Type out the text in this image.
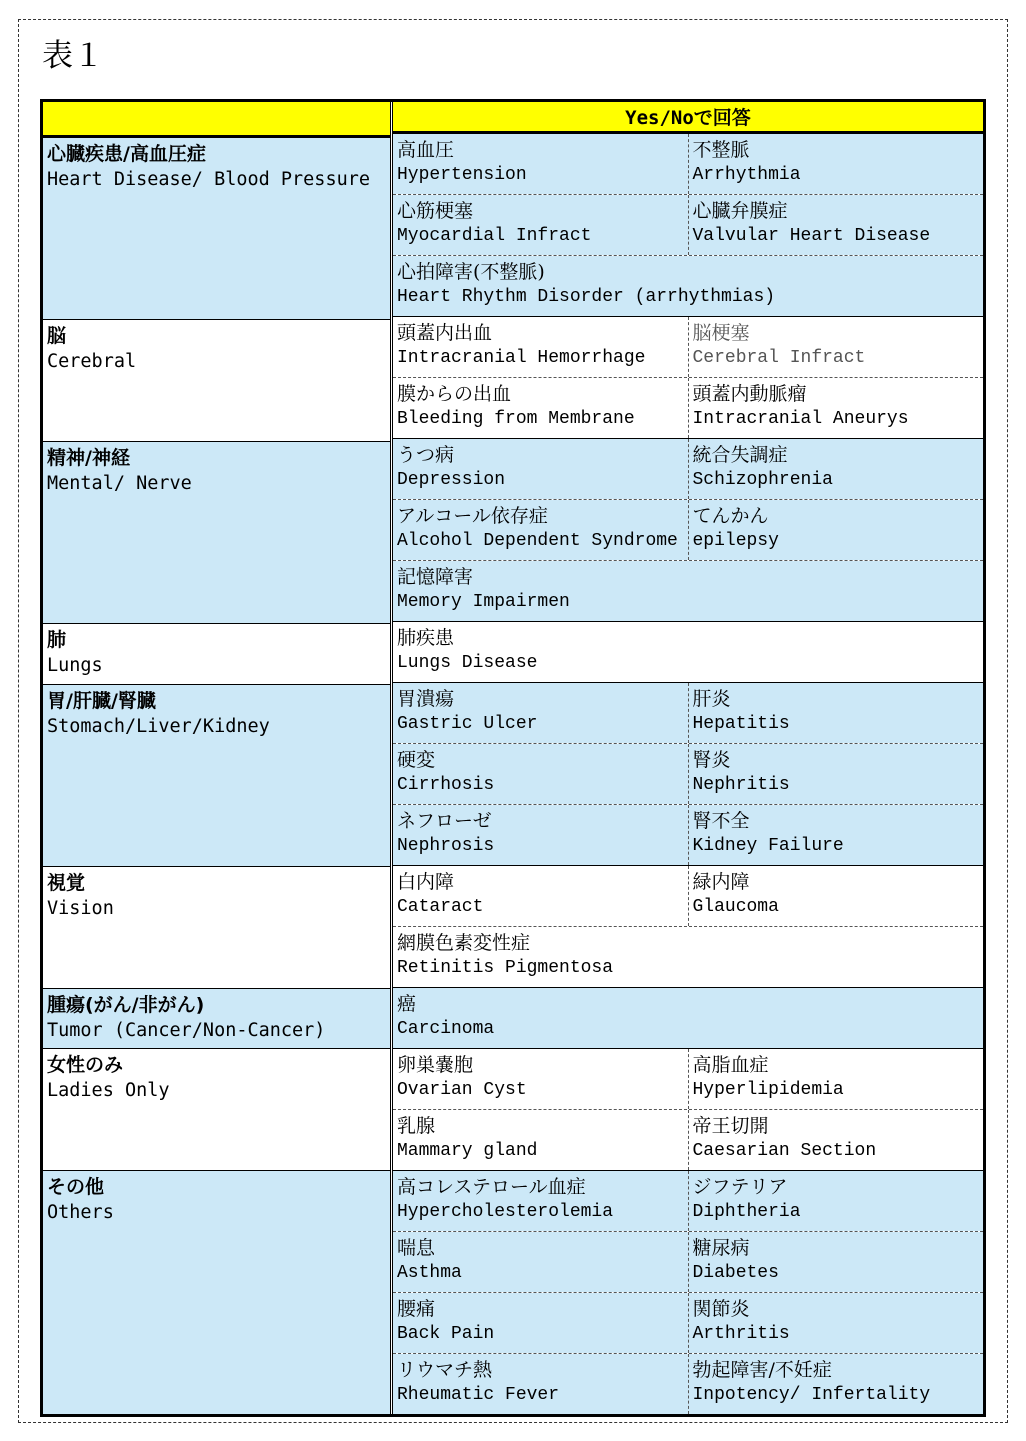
表１
心臓疾患/高血圧症
Heart Disease/ Blood Pressure
脳
Cerebral
精神/神経
Mental/ Nerve
肺
Lungs
胃/肝臓/腎臓
Stomach/Liver/Kidney
視覚
Vision
腫瘍(がん/非がん)
Tumor (Cancer/Non-Cancer)
女性のみ
Ladies Only
その他
Others
Yes/Noで回答
高血圧
Hypertension
不整脈
Arrhythmia
心筋梗塞
Myocardial Infract
心臓弁膜症
Valvular Heart Disease
心拍障害(不整脈)
Heart Rhythm Disorder (arrhythmias)
頭蓋内出血
Intracranial Hemorrhage
脳梗塞
Cerebral Infract
膜からの出血
Bleeding from Membrane
頭蓋内動脈瘤
Intracranial Aneurys
うつ病
Depression
統合失調症
Schizophrenia
アルコール依存症
Alcohol Dependent Syndrome
てんかん
epilepsy
記憶障害
Memory Impairmen
肺疾患
Lungs Disease
胃潰瘍
Gastric Ulcer
肝炎
Hepatitis
硬変
Cirrhosis
腎炎
Nephritis
ネフローゼ
Nephrosis
腎不全
Kidney Failure
白内障
Cataract
緑内障
Glaucoma
網膜色素変性症
Retinitis Pigmentosa
癌
Carcinoma
卵巣嚢胞
Ovarian Cyst
高脂血症
Hyperlipidemia
乳腺
Mammary gland
帝王切開
Caesarian Section
高コレステロール血症
Hypercholesterolemia
ジフテリア
Diphtheria
喘息
Asthma
糖尿病
Diabetes
腰痛
Back Pain
関節炎
Arthritis
リウマチ熱
Rheumatic Fever
勃起障害/不妊症
Inpotency/ Infertality
